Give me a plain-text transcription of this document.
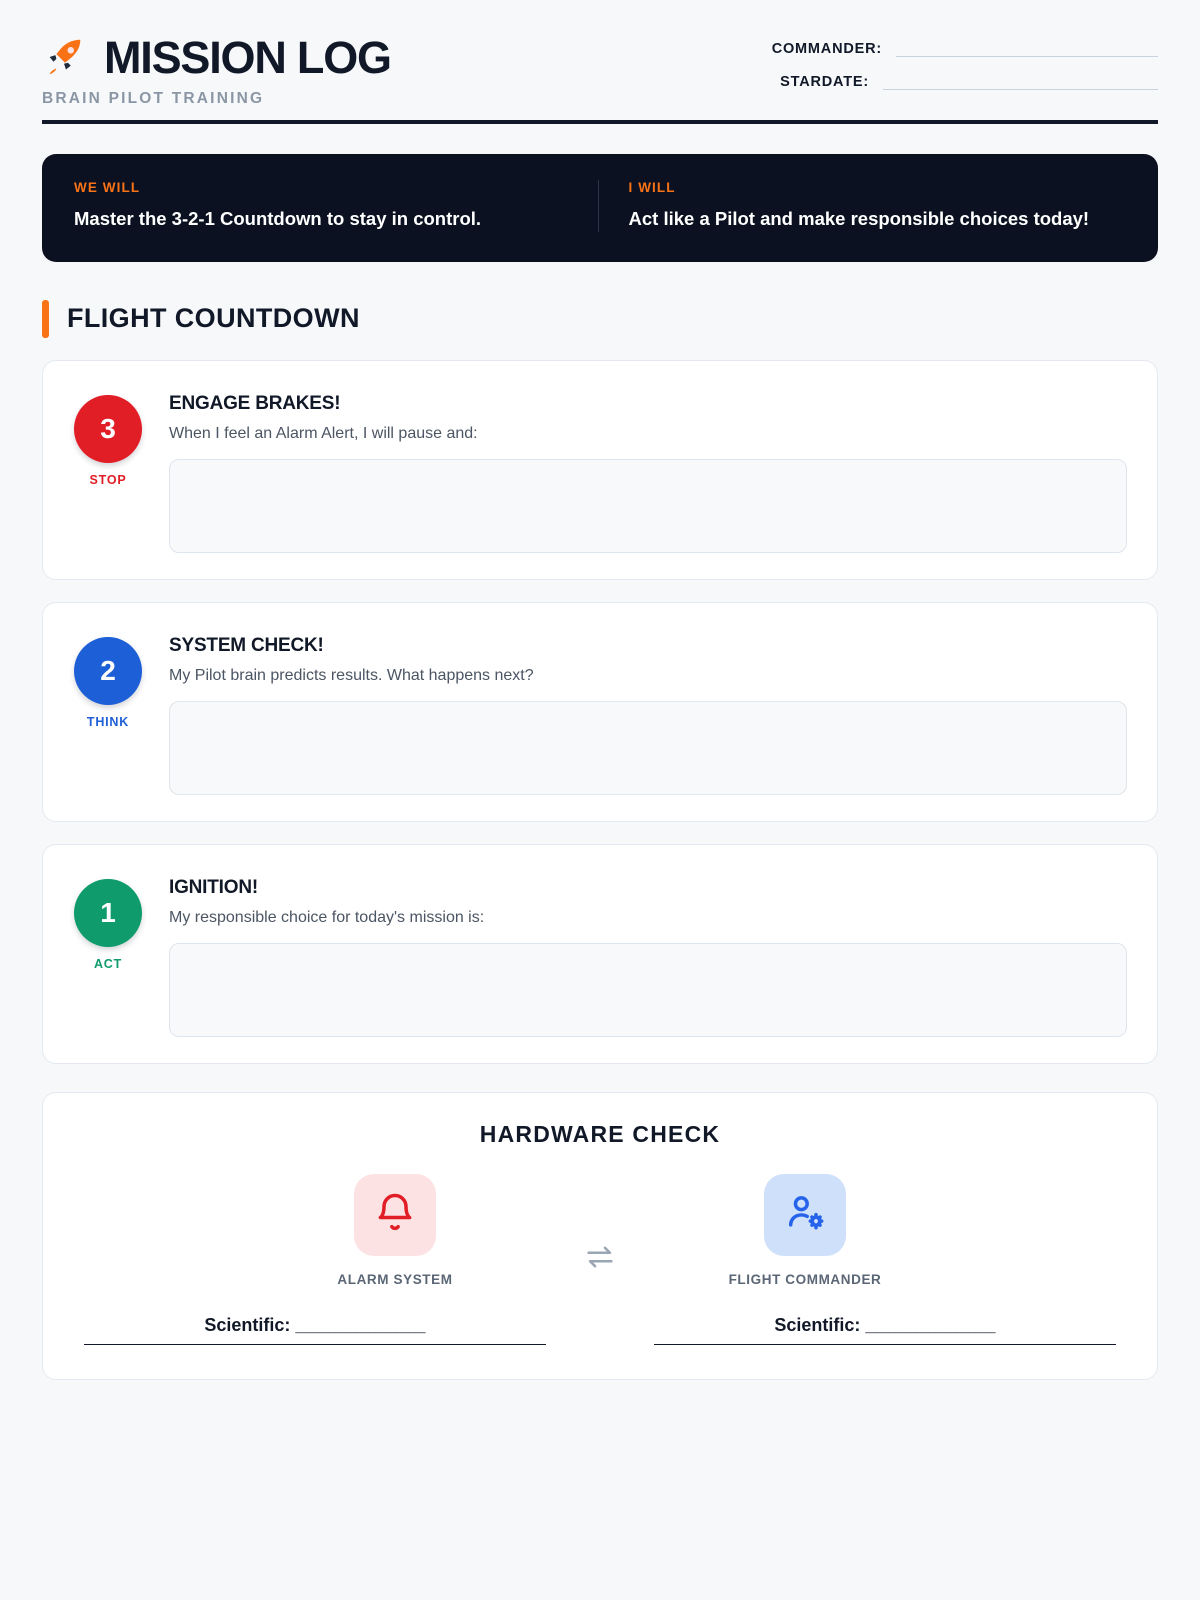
MISSION LOG
BRAIN PILOT TRAINING
COMMANDER:
STARDATE:
WE WILL
Master the 3-2-1 Countdown to stay in control.
I WILL
Act like a Pilot and make responsible choices today!
FLIGHT COUNTDOWN
3
STOP
ENGAGE BRAKES!
When I feel an Alarm Alert, I will pause and:
2
THINK
SYSTEM CHECK!
My Pilot brain predicts results. What happens next?
1
ACT
IGNITION!
My responsible choice for today's mission is:
HARDWARE CHECK
ALARM SYSTEM	FLIGHT COMMANDER
Scientific: _____________	Scientific: _____________
